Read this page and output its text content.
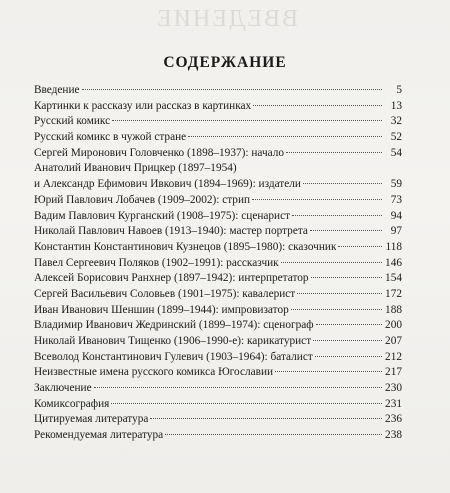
ВВЕДЕНИЕ
СОДЕРЖАНИЕ
Введение	5
Картинки к рассказу или рассказ в картинках	13
Русский комикс	32
Русский комикс в чужой стране	52
Сергей Миронович Головченко (1898–1937): начало	54
Анатолий Иванович Прицкер (1897–1954)
и Александр Ефимович Ивкович (1894–1969): издатели	59
Юрий Павлович Лобачев (1909–2002): стрип	73
Вадим Павлович Курганский (1908–1975): сценарист	94
Николай Павлович Навоев (1913–1940): мастер портрета	97
Константин Константинович Кузнецов (1895–1980): сказочник	118
Павел Сергеевич Поляков (1902–1991): рассказчик	146
Алексей Борисович Ранхнер (1897–1942): интерпретатор	154
Сергей Васильевич Соловьев (1901–1975): кавалерист	172
Иван Иванович Шеншин (1899–1944): импровизатор	188
Владимир Иванович Жедринский (1899–1974): сценограф	200
Николай Иванович Тищенко (1906–1990-е): карикатурист	207
Всеволод Константинович Гулевич (1903–1964): баталист	212
Неизвестные имена русского комикса Югославии	217
Заключение	230
Комиксография	231
Цитируемая литература	236
Рекомендуемая литература	238
